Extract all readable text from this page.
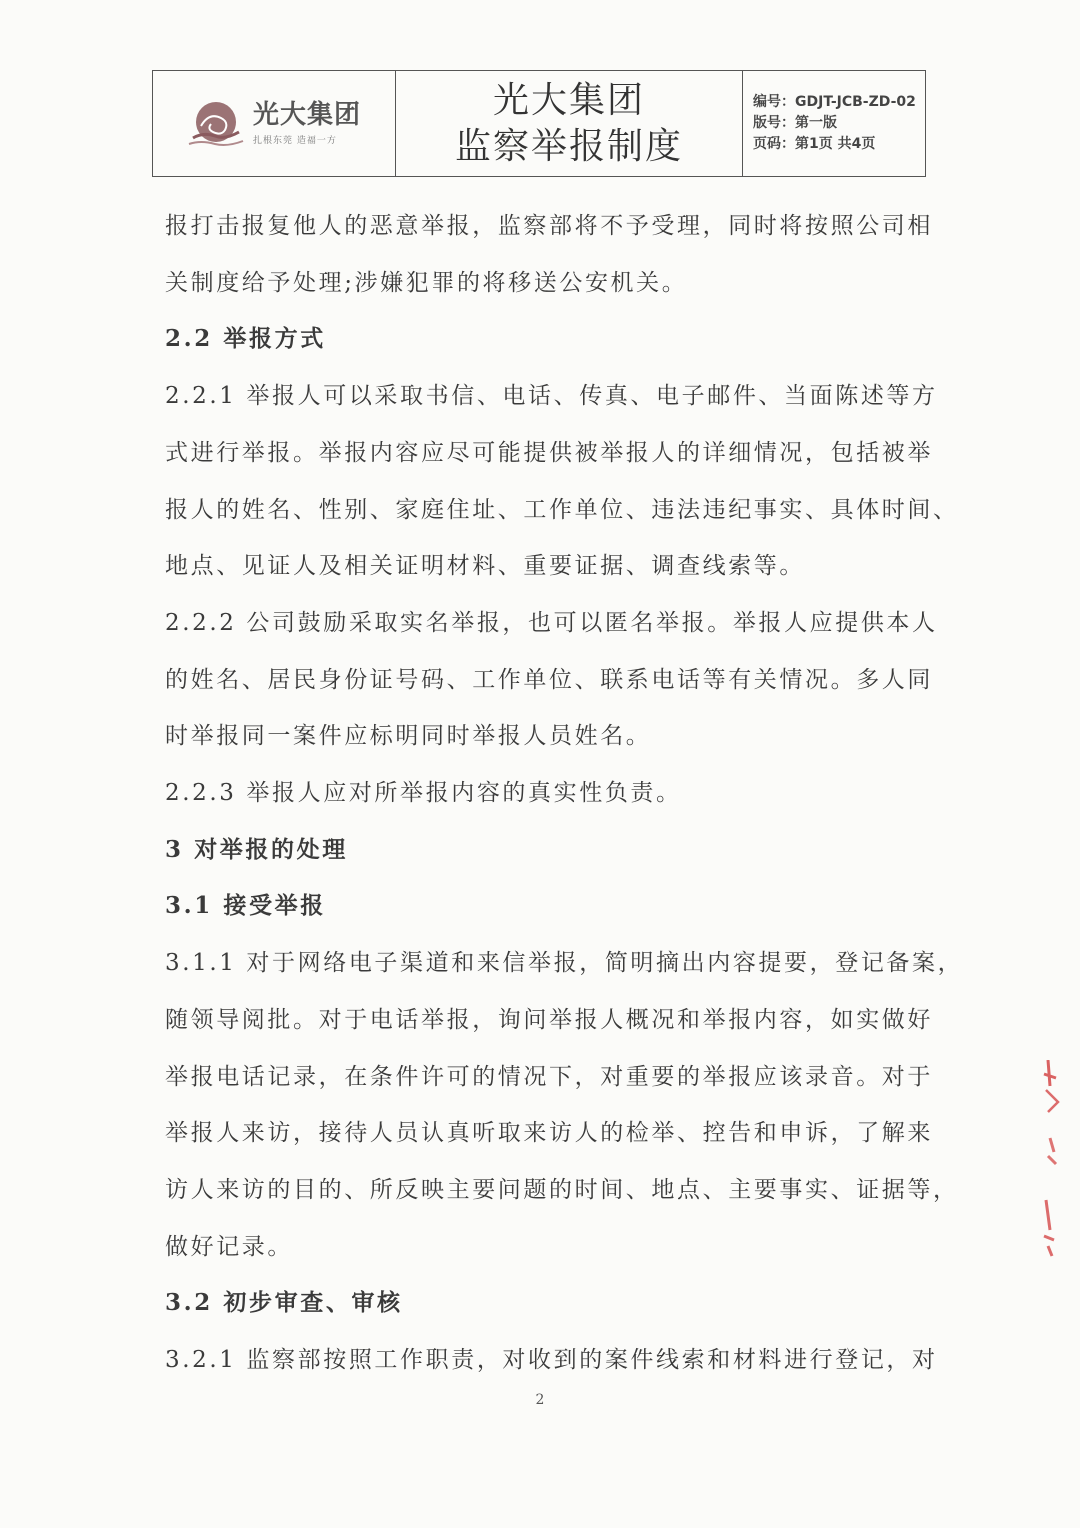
光大集团
扎根东莞 造福一方
光大集团
监察举报制度
编号：GDJT-JCB-ZD-02
版号：第一版
页码：第1页 共4页

报打击报复他人的恶意举报，监察部将不予受理，同时将按照公司相

关制度给予处理;涉嫌犯罪的将移送公安机关。

2.2 举报方式

2.2.1 举报人可以采取书信、电话、传真、电子邮件、当面陈述等方

式进行举报。举报内容应尽可能提供被举报人的详细情况，包括被举

报人的姓名、性别、家庭住址、工作单位、违法违纪事实、具体时间、

地点、见证人及相关证明材料、重要证据、调查线索等。

2.2.2 公司鼓励采取实名举报，也可以匿名举报。举报人应提供本人

的姓名、居民身份证号码、工作单位、联系电话等有关情况。多人同

时举报同一案件应标明同时举报人员姓名。

2.2.3 举报人应对所举报内容的真实性负责。

3 对举报的处理

3.1 接受举报

3.1.1 对于网络电子渠道和来信举报，简明摘出内容提要，登记备案，

随领导阅批。对于电话举报，询问举报人概况和举报内容，如实做好

举报电话记录，在条件许可的情况下，对重要的举报应该录音。对于

举报人来访，接待人员认真听取来访人的检举、控告和申诉，了解来

访人来访的目的、所反映主要问题的时间、地点、主要事实、证据等，

做好记录。

3.2 初步审查、审核

3.2.1 监察部按照工作职责，对收到的案件线索和材料进行登记，对

2
